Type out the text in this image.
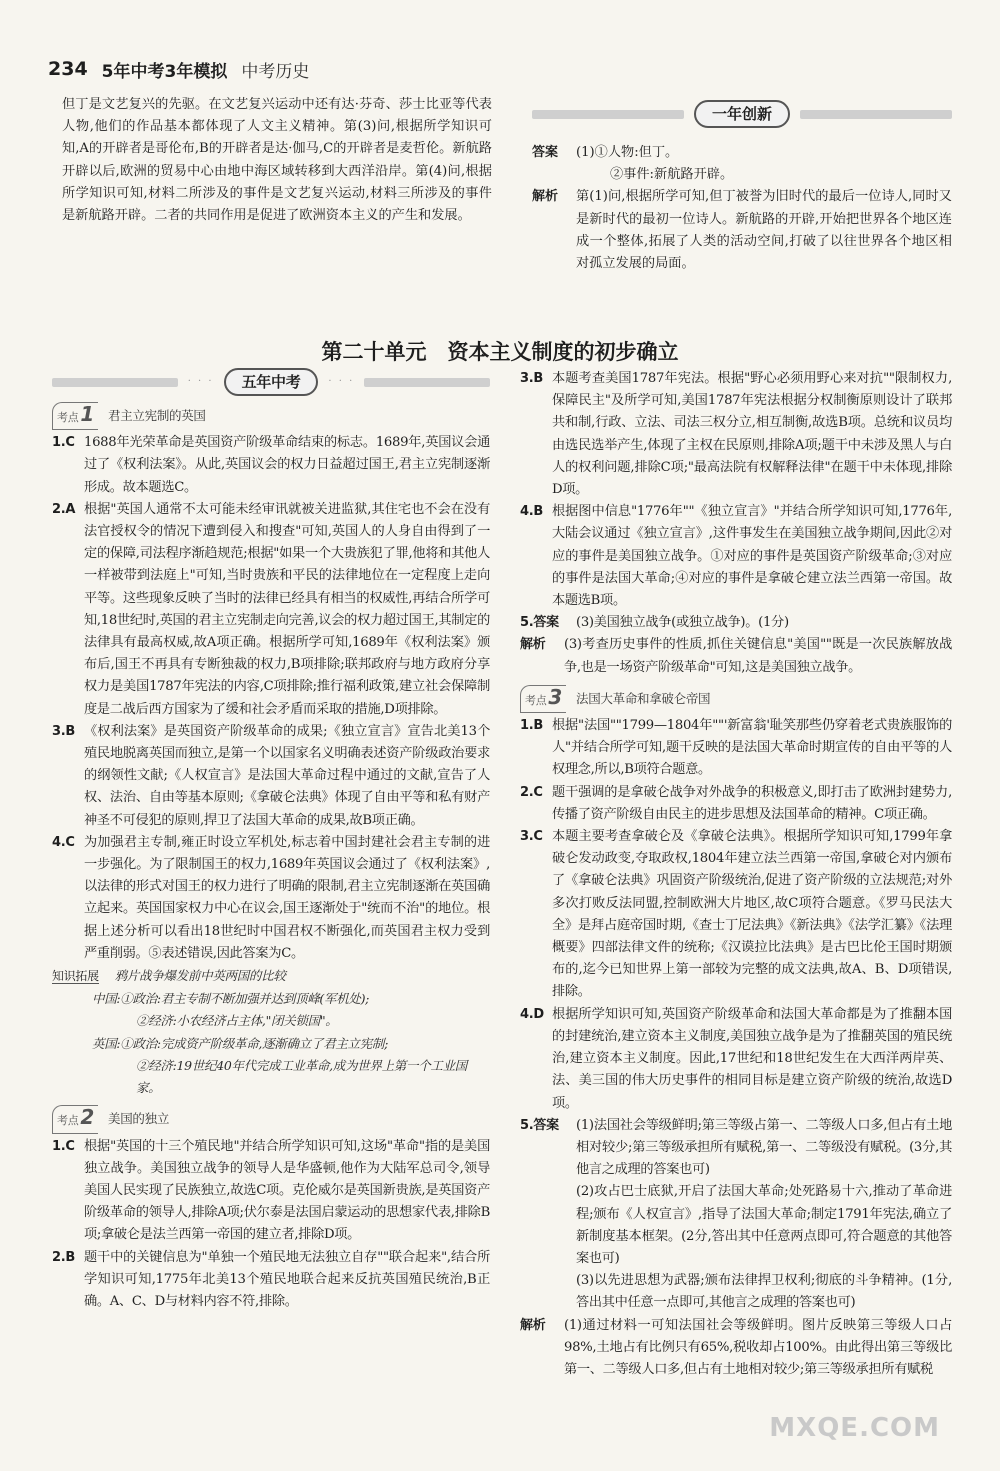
234 5年中考3年模拟 中考历史

但丁是文艺复兴的先驱。在文艺复兴运动中还有达·芬奇、莎士比亚等代表人物,他们的作品基本都体现了人文主义精神。第(3)问,根据所学知识可知,A的开辟者是哥伦布,B的开辟者是达·伽马,C的开辟者是麦哲伦。新航路开辟以后,欧洲的贸易中心由地中海区域转移到大西洋沿岸。第(4)问,根据所学知识可知,材料二所涉及的事件是文艺复兴运动,材料三所涉及的事件是新航路开辟。二者的共同作用是促进了欧洲资本主义的产生和发展。

一年创新
答案	(1)①人物:但丁。
②事件:新航路开辟。
解析	第(1)问,根据所学可知,但丁被誉为旧时代的最后一位诗人,同时又是新时代的最初一位诗人。新航路的开辟,开始把世界各个地区连成一个整体,拓展了人类的活动空间,打破了以往世界各个地区相对孤立发展的局面。
第二十单元　资本主义制度的初步确立
· · ·	五年中考	· · ·
考点 1 君主立宪制的英国
1.C 1688年光荣革命是英国资产阶级革命结束的标志。1689年,英国议会通过了《权利法案》。从此,英国议会的权力日益超过国王,君主立宪制逐渐形成。故本题选C。
2.A 根据"英国人通常不太可能未经审讯就被关进监狱,其住宅也不会在没有法官授权令的情况下遭到侵入和搜查"可知,英国人的人身自由得到了一定的保障,司法程序渐趋规范;根据"如果一个大贵族犯了罪,他将和其他人一样被带到法庭上"可知,当时贵族和平民的法律地位在一定程度上走向平等。这些现象反映了当时的法律已经具有相当的权威性,再结合所学可知,18世纪时,英国的君主立宪制走向完善,议会的权力超过国王,其制定的法律具有最高权威,故A项正确。根据所学可知,1689年《权利法案》颁布后,国王不再具有专断独裁的权力,B项排除;联邦政府与地方政府分享权力是美国1787年宪法的内容,C项排除;推行福利政策,建立社会保障制度是二战后西方国家为了缓和社会矛盾而采取的措施,D项排除。
3.B 《权利法案》是英国资产阶级革命的成果;《独立宣言》宣告北美13个殖民地脱离英国而独立,是第一个以国家名义明确表述资产阶级政治要求的纲领性文献;《人权宣言》是法国大革命过程中通过的文献,宣告了人权、法治、自由等基本原则;《拿破仑法典》体现了自由平等和私有财产神圣不可侵犯的原则,捍卫了法国大革命的成果,故B项正确。
4.C 为加强君主专制,雍正时设立军机处,标志着中国封建社会君主专制的进一步强化。为了限制国王的权力,1689年英国议会通过了《权利法案》,以法律的形式对国王的权力进行了明确的限制,君主立宪制逐渐在英国确立起来。英国国家权力中心在议会,国王逐渐处于"统而不治"的地位。根据上述分析可以看出18世纪时中国君权不断强化,而英国君主权力受到严重削弱。⑤表述错误,因此答案为C。
知识拓展 鸦片战争爆发前中英两国的比较
中国:①政治:君主专制不断加强并达到顶峰(军机处);
②经济:小农经济占主体,"闭关锁国"。
英国:①政治:完成资产阶级革命,逐渐确立了君主立宪制;
②经济:19世纪40年代完成工业革命,成为世界上第一个工业国家。
考点 2 美国的独立
1.C 根据"英国的十三个殖民地"并结合所学知识可知,这场"革命"指的是美国独立战争。美国独立战争的领导人是华盛顿,他作为大陆军总司令,领导美国人民实现了民族独立,故选C项。克伦威尔是英国新贵族,是英国资产阶级革命的领导人,排除A项;伏尔泰是法国启蒙运动的思想家代表,排除B项;拿破仑是法兰西第一帝国的建立者,排除D项。
2.B 题干中的关键信息为"单独一个殖民地无法独立自存""联合起来",结合所学知识可知,1775年北美13个殖民地联合起来反抗英国殖民统治,B正确。A、C、D与材料内容不符,排除。
3.B 本题考查美国1787年宪法。根据"野心必须用野心来对抗""限制权力,保障民主"及所学可知,美国1787年宪法根据分权制衡原则设计了联邦共和制,行政、立法、司法三权分立,相互制衡,故选B项。总统和议员均由选民选举产生,体现了主权在民原则,排除A项;题干中未涉及黑人与白人的权利问题,排除C项;"最高法院有权解释法律"在题干中未体现,排除D项。
4.B 根据图中信息"1776年""《独立宣言》"并结合所学知识可知,1776年,大陆会议通过《独立宣言》,这件事发生在美国独立战争期间,因此②对应的事件是美国独立战争。①对应的事件是英国资产阶级革命;③对应的事件是法国大革命;④对应的事件是拿破仑建立法兰西第一帝国。故本题选B项。
5.答案	(3)美国独立战争(或独立战争)。(1分)
解析	(3)考查历史事件的性质,抓住关键信息"美国""既是一次民族解放战争,也是一场资产阶级革命"可知,这是美国独立战争。
考点 3 法国大革命和拿破仑帝国
1.B 根据"法国""1799—1804年""'新富翁'耻笑那些仍穿着老式贵族服饰的人"并结合所学可知,题干反映的是法国大革命时期宣传的自由平等的人权理念,所以,B项符合题意。
2.C 题干强调的是拿破仑战争对外战争的积极意义,即打击了欧洲封建势力,传播了资产阶级自由民主的进步思想及法国革命的精神。C项正确。
3.C 本题主要考查拿破仑及《拿破仑法典》。根据所学知识可知,1799年拿破仑发动政变,夺取政权,1804年建立法兰西第一帝国,拿破仑对内颁布了《拿破仑法典》巩固资产阶级统治,促进了资产阶级的立法规范;对外多次打败反法同盟,控制欧洲大片地区,故C项符合题意。《罗马民法大全》是拜占庭帝国时期,《查士丁尼法典》《新法典》《法学汇纂》《法理概要》四部法律文件的统称;《汉谟拉比法典》是古巴比伦王国时期颁布的,迄今已知世界上第一部较为完整的成文法典,故A、B、D项错误,排除。
4.D 根据所学知识可知,英国资产阶级革命和法国大革命都是为了推翻本国的封建统治,建立资本主义制度,美国独立战争是为了推翻英国的殖民统治,建立资本主义制度。因此,17世纪和18世纪发生在大西洋两岸英、法、美三国的伟大历史事件的相同目标是建立资产阶级的统治,故选D项。
5.答案	(1)法国社会等级鲜明;第三等级占第一、二等级人口多,但占有土地相对较少;第三等级承担所有赋税,第一、二等级没有赋税。(3分,其他言之成理的答案也可)
(2)攻占巴士底狱,开启了法国大革命;处死路易十六,推动了革命进程;颁布《人权宣言》,指导了法国大革命;制定1791年宪法,确立了新制度基本框架。(2分,答出其中任意两点即可,符合题意的其他答案也可)
(3)以先进思想为武器;颁布法律捍卫权利;彻底的斗争精神。(1分,答出其中任意一点即可,其他言之成理的答案也可)
解析	(1)通过材料一可知法国社会等级鲜明。图片反映第三等级人口占98%,土地占有比例只有65%,税收却占100%。由此得出第三等级比第一、二等级人口多,但占有土地相对较少;第三等级承担所有赋税
MXQE.COM
